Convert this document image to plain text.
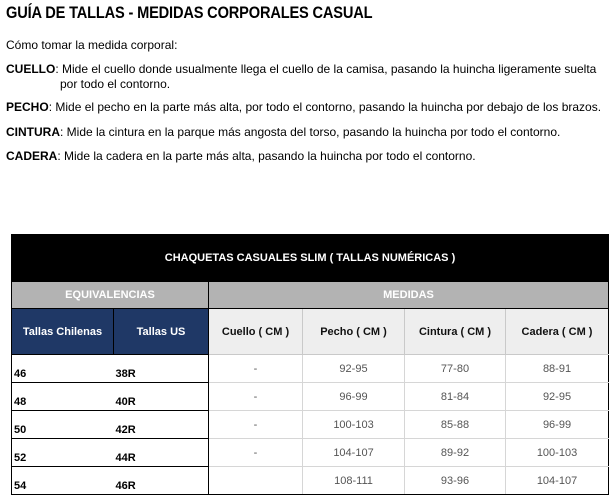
GUÍA DE TALLAS - MEDIDAS CORPORALES CASUAL
Cómo tomar la medida corporal:
CUELLO: Mide el cuello donde usualmente llega el cuello de la camisa, pasando la huincha ligeramente suelta
por todo el contorno.
PECHO: Mide el pecho en la parte más alta, por todo el contorno, pasando la huincha por debajo de los brazos.
CINTURA: Mide la cintura en la parque más angosta del torso, pasando la huincha por todo el contorno.
CADERA: Mide la cadera en la parte más alta, pasando la huincha por todo el contorno.
CHAQUETAS CASUALES SLIM ( TALLAS NUMÉRICAS )					
EQUIVALENCIAS		MEDIDAS			
Tallas Chilenas	Tallas US	Cuello ( CM )	Pecho ( CM )	Cintura ( CM )	Cadera ( CM )
46	38R	-	92-95	77-80	88-91
48	40R	-	96-99	81-84	92-95
50	42R	-	100-103	85-88	96-99
52	44R	-	104-107	89-92	100-103
54	46R		108-111	93-96	104-107
